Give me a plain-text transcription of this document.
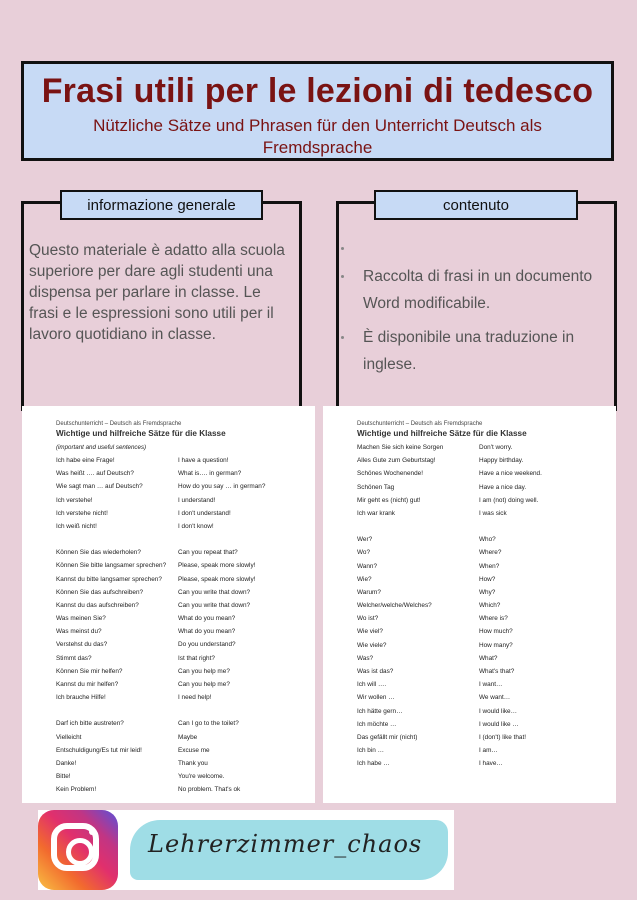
Frasi utili per le lezioni di tedesco
Nützliche Sätze und Phrasen für den Unterricht Deutsch als Fremdsprache
informazione generale	contenuto
Questo materiale è adatto alla scuola superiore per dare agli studenti una dispensa per parlare in classe. Le frasi e le espressioni sono utili per il lavoro quotidiano in classe.
Raccolta di frasi in un documento Word modificabile.
È disponibile una traduzione in inglese.
Deutschunterricht – Deutsch als Fremdsprache
Wichtige und hilfreiche Sätze für die Klasse
(important and useful sentences)
Ich habe eine Frage!	I have a question!
Was heißt …. auf Deutsch?	What is…. in german?
Wie sagt man … auf Deutsch?	How do you say … in german?
Ich verstehe!	I understand!
Ich verstehe nicht!	I don't understand!
Ich weiß nicht!	I don't know!
Können Sie das wiederholen?	Can you repeat that?
Können Sie bitte langsamer sprechen?	Please, speak more slowly!
Kannst du bitte langsamer sprechen?	Please, speak more slowly!
Können Sie das aufschreiben?	Can you write that down?
Kannst du das aufschreiben?	Can you write that down?
Was meinen Sie?	What do you mean?
Was meinst du?	What do you mean?
Verstehst du das?	Do you understand?
Stimmt das?	Ist that right?
Können Sie mir helfen?	Can you help me?
Kannst du mir helfen?	Can you help me?
Ich brauche Hilfe!	I need help!
Darf ich bitte austreten?	Can I go to the toilet?
Vielleicht	Maybe
Entschuldigung/Es tut mir leid!	Excuse me
Danke!	Thank you
Bitte!	You're welcome.
Kein Problem!	No problem. That's ok
Deutschunterricht – Deutsch als Fremdsprache
Wichtige und hilfreiche Sätze für die Klasse
Machen Sie sich keine Sorgen	Don't worry.
Alles Gute zum Geburtstag!	Happy birthday.
Schönes Wochenende!	Have a nice weekend.
Schönen Tag	Have a nice day.
Mir geht es (nicht) gut!	I am (not) doing well.
Ich war krank	I was sick
Wer?	Who?
Wo?	Where?
Wann?	When?
Wie?	How?
Warum?	Why?
Welcher/welche/Welches?	Which?
Wo ist?	Where is?
Wie viel?	How much?
Wie viele?	How many?
Was?	What?
Was ist das?	What's that?
Ich will ….	I want…
Wir wollen …	We want…
Ich hätte gern…	I would like…
Ich möchte …	I would like …
Das gefällt mir (nicht)	I (don't) like that!
Ich bin …	I am…
Ich habe …	I have…
Lehrerzimmer_chaos
